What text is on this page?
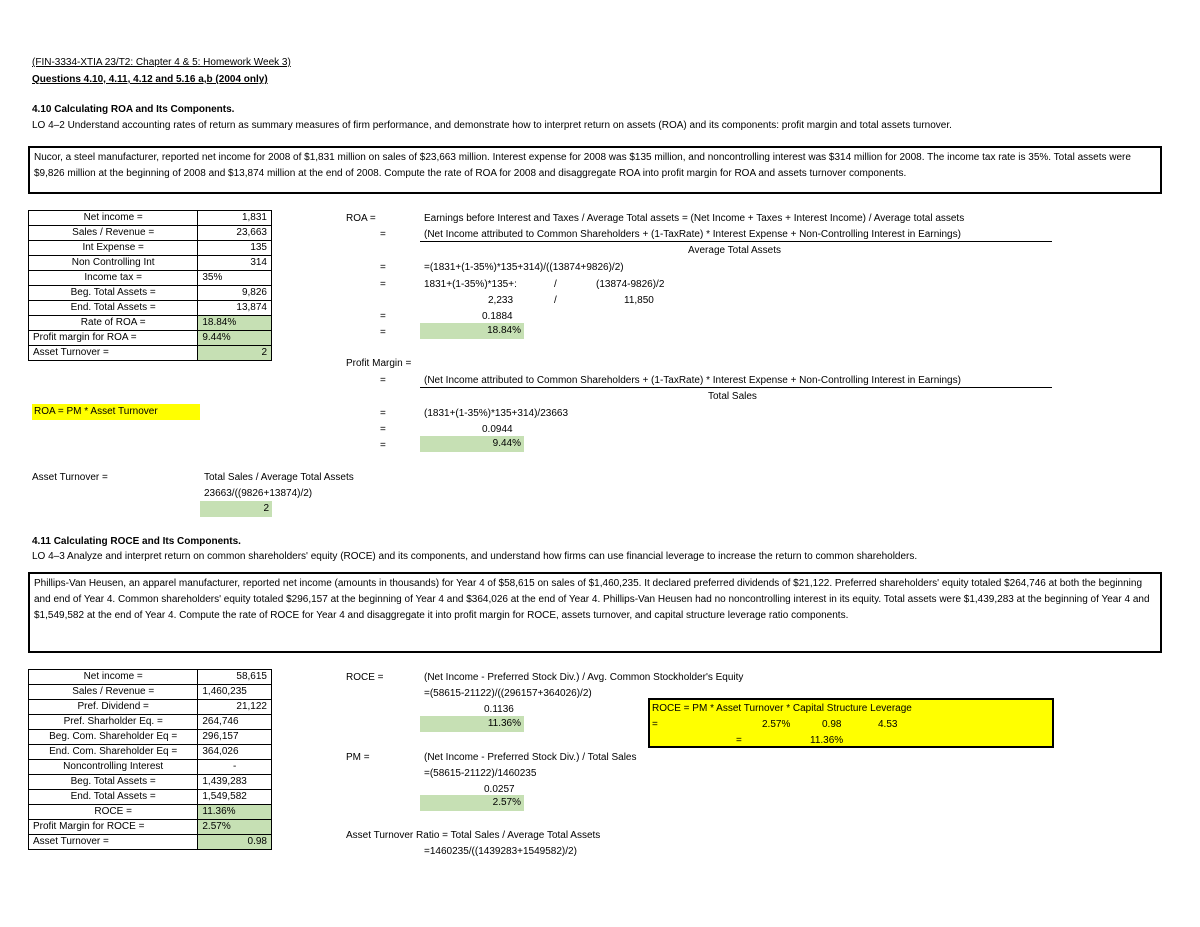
(FIN-3334-XTIA 23/T2: Chapter 4 & 5: Homework Week 3)
Questions 4.10, 4.11, 4.12 and 5.16 a,b (2004 only)
4.10 Calculating ROA and Its Components.
LO 4–2 Understand accounting rates of return as summary measures of firm performance, and demonstrate how to interpret return on assets (ROA) and its components: profit margin and total assets turnover.
Nucor, a steel manufacturer, reported net income for 2008 of $1,831 million on sales of $23,663 million. Interest expense for 2008 was $135 million, and noncontrolling interest was $314 million for 2008. The income tax rate is 35%. Total assets were $9,826 million at the beginning of 2008 and $13,874 million at the end of 2008. Compute the rate of ROA for 2008 and disaggregate ROA into profit margin for ROA and assets turnover components.
Net income =	1,831
Sales / Revenue =	23,663
Int Expense =	135
Non Controlling Int	314
Income tax =	35%
Beg. Total Assets =	9,826
End. Total Assets =	13,874
Rate of ROA =	18.84%
Profit margin for ROA =	9.44%
Asset Turnover =	2
ROA =	Earnings before Interest and Taxes / Average Total assets = (Net Income + Taxes + Interest Income) / Average total assets
=	(Net Income attributed to Common Shareholders + (1-TaxRate) * Interest Expense + Non-Controlling Interest in Earnings)
Average Total Assets
=	=(1831+(1-35%)*135+314)/((13874+9826)/2)
=	1831+(1-35%)*135+:	/	(13874-9826)/2
2,233	/	11,850
=	0.1884
=	18.84%
Profit Margin =
=	(Net Income attributed to Common Shareholders + (1-TaxRate) * Interest Expense + Non-Controlling Interest in Earnings)
Total Sales
ROA = PM * Asset Turnover	=	(1831+(1-35%)*135+314)/23663
=	0.0944
=	9.44%
Asset Turnover =	Total Sales / Average Total Assets
23663/((9826+13874)/2)
2
4.11 Calculating ROCE and Its Components.
LO 4–3 Analyze and interpret return on common shareholders' equity (ROCE) and its components, and understand how firms can use financial leverage to increase the return to common shareholders.
Phillips-Van Heusen, an apparel manufacturer, reported net income (amounts in thousands) for Year 4 of $58,615 on sales of $1,460,235. It declared preferred dividends of $21,122. Preferred shareholders' equity totaled $264,746 at both the beginning and end of Year 4. Common shareholders' equity totaled $296,157 at the beginning of Year 4 and $364,026 at the end of Year 4. Phillips-Van Heusen had no noncontrolling interest in its equity. Total assets were $1,439,283 at the beginning of Year 4 and $1,549,582 at the end of Year 4. Compute the rate of ROCE for Year 4 and disaggregate it into profit margin for ROCE, assets turnover, and capital structure leverage ratio components.
Net income =	58,615
Sales / Revenue =	1,460,235
Pref. Dividend =	21,122
Pref. Sharholder Eq. =	264,746
Beg. Com. Shareholder Eq =	296,157
End. Com. Shareholder Eq =	364,026
Noncontrolling Interest	-
Beg. Total Assets =	1,439,283
End. Total Assets =	1,549,582
ROCE =	11.36%
Profit Margin for ROCE =	2.57%
Asset Turnover =	0.98
ROCE =	(Net Income - Preferred Stock Div.) / Avg. Common Stockholder's Equity
=(58615-21122)/((296157+364026)/2)
0.1136
11.36%
ROCE = PM * Asset Turnover * Capital Structure Leverage
=	2.57%	0.98	4.53
=	11.36%
PM =	(Net Income - Preferred Stock Div.) / Total Sales
=(58615-21122)/1460235
0.0257
2.57%
Asset Turnover Ratio = Total Sales / Average Total Assets
=1460235/((1439283+1549582)/2)
